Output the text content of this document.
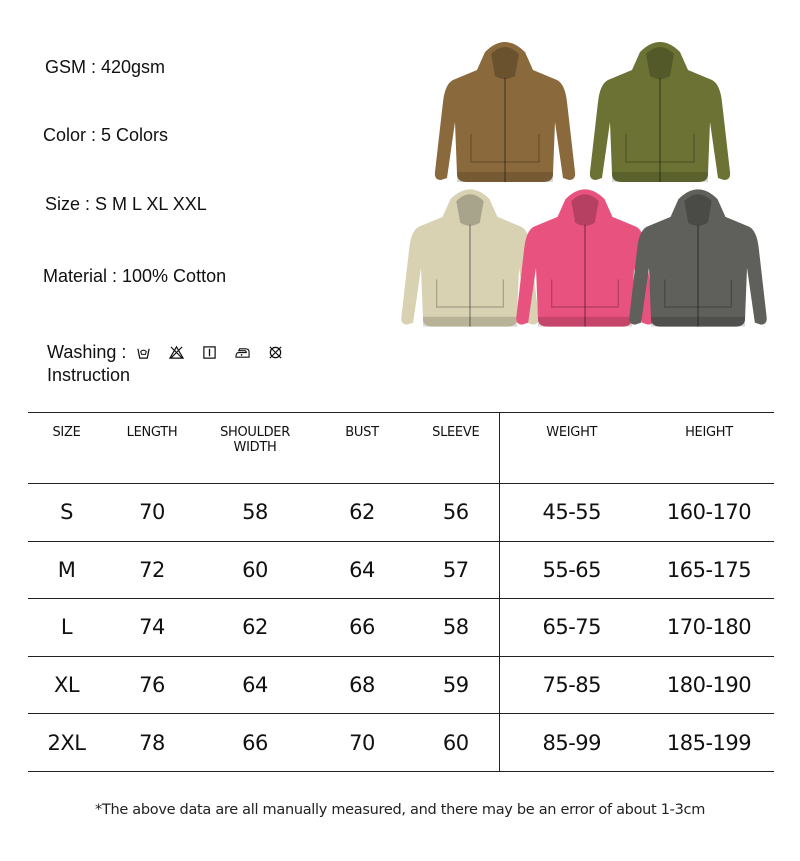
GSM : 420gsm
Color : 5 Colors
Size : S M L XL XXL
Material : 100% Cotton
Washing :
Instruction
SIZE	LENGTH	SHOULDER WIDTH	BUST	SLEEVE	WEIGHT	HEIGHT
S	70	58	62	56	45-55	160-170
M	72	60	64	57	55-65	165-175
L	74	62	66	58	65-75	170-180
XL	76	64	68	59	75-85	180-190
2XL	78	66	70	60	85-99	185-199
*The above data are all manually measured, and there may be an error of about 1-3cm
